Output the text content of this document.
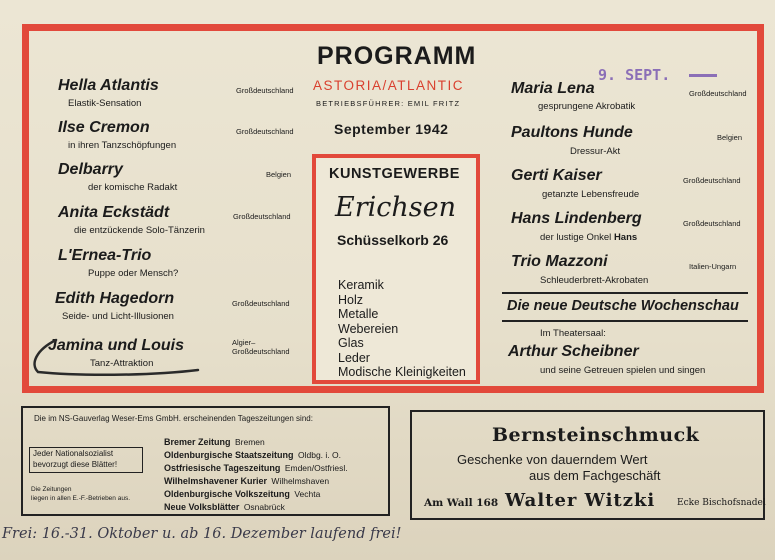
PROGRAMM
ASTORIA/ATLANTIC
BETRIEBSFÜHRER: EMIL FRITZ
September 1942
9. SEPT.
Hella Atlantis
Elastik-Sensation
Großdeutschland
Ilse Cremon
in ihren Tanzschöpfungen
Großdeutschland
Delbarry
der komische Radakt
Belgien
Anita Eckstädt
die entzückende Solo-Tänzerin
Großdeutschland
L'Ernea-Trio
Puppe oder Mensch?
Edith Hagedorn
Seide- und Licht-Illusionen
Großdeutschland
Jamina und Louis
Tanz-Attraktion
Algier–
Großdeutschland
KUNSTGEWERBE
Erichsen
Schüsselkorb 26
Keramik
Holz
Metalle
Webereien
Glas
Leder
Modische Kleinigkeiten
Maria Lena
gesprungene Akrobatik
Großdeutschland
Paultons Hunde
Dressur-Akt
Belgien
Gerti Kaiser
getanzte Lebensfreude
Großdeutschland
Hans Lindenberg
der lustige Onkel Hans
Großdeutschland
Trio Mazzoni
Schleuderbrett-Akrobaten
Italien-Ungarn
Die neue Deutsche Wochenschau
Im Theatersaal:
Arthur Scheibner
und seine Getreuen spielen und singen
Die im NS-Gauverlag Weser-Ems GmbH. erscheinenden Tageszeitungen sind:
Jeder Nationalsozialist
bevorzugt diese Blätter!
Die Zeitungen
liegen in allen E.-F.-Betrieben aus.
Bremer Zeitung Bremen
Oldenburgische Staatszeitung Oldbg. i. O.
Ostfriesische Tageszeitung Emden/Ostfriesl.
Wilhelmshavener Kurier Wilhelmshaven
Oldenburgische Volkszeitung Vechta
Neue Volksblätter Osnabrück
Bernsteinschmuck
Geschenke von dauerndem Wert
aus dem Fachgeschäft
Am Wall 168 Walter Witzki Ecke Bischofsnadel
Frei: 16.-31. Oktober u. ab 16. Dezember laufend frei!
